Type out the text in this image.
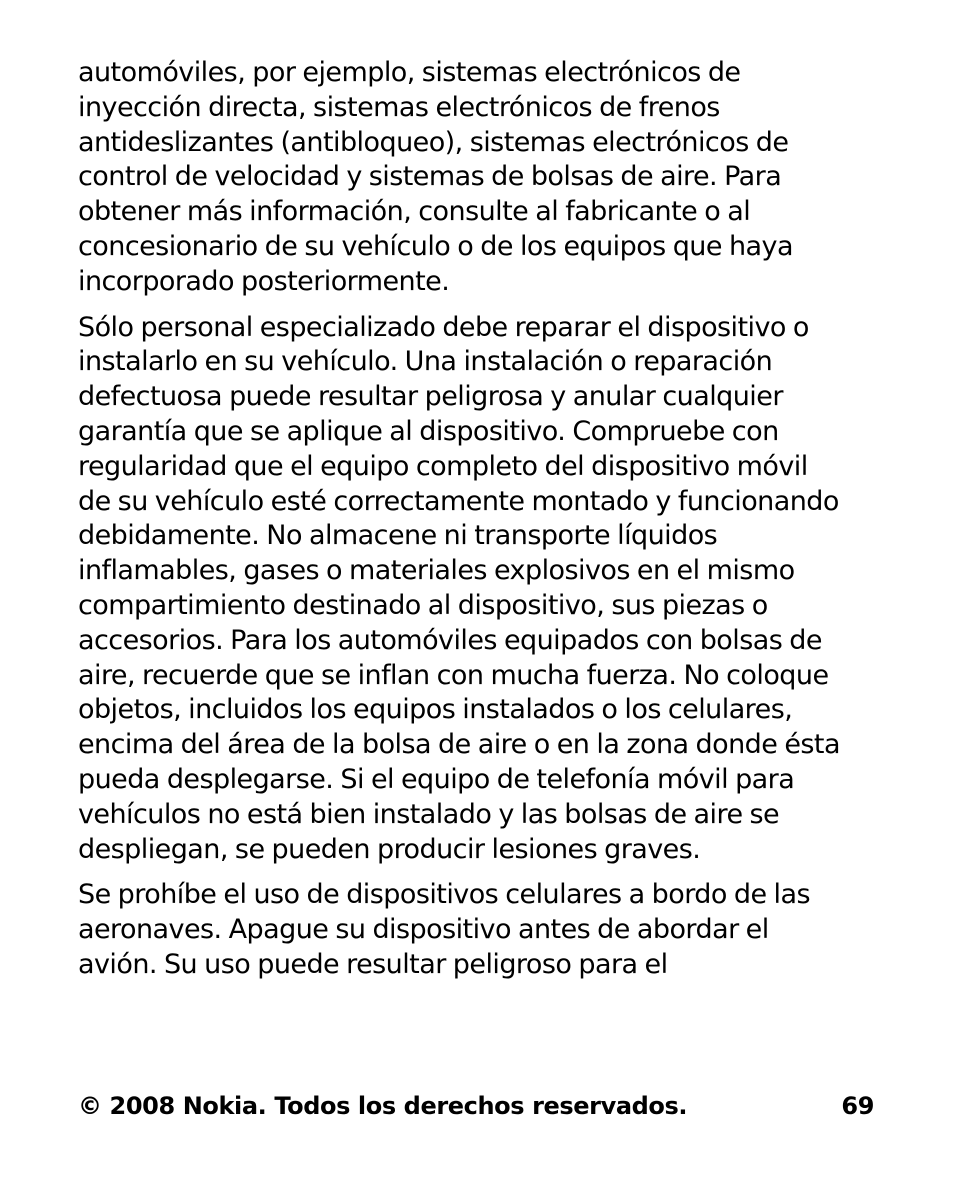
automóviles, por ejemplo, sistemas electrónicos de
inyección directa, sistemas electrónicos de frenos
antideslizantes (antibloqueo), sistemas electrónicos de
control de velocidad y sistemas de bolsas de aire. Para
obtener más información, consulte al fabricante o al
concesionario de su vehículo o de los equipos que haya
incorporado posteriormente.
Sólo personal especializado debe reparar el dispositivo o
instalarlo en su vehículo. Una instalación o reparación
defectuosa puede resultar peligrosa y anular cualquier
garantía que se aplique al dispositivo. Compruebe con
regularidad que el equipo completo del dispositivo móvil
de su vehículo esté correctamente montado y funcionando
debidamente. No almacene ni transporte líquidos
inflamables, gases o materiales explosivos en el mismo
compartimiento destinado al dispositivo, sus piezas o
accesorios. Para los automóviles equipados con bolsas de
aire, recuerde que se inflan con mucha fuerza. No coloque
objetos, incluidos los equipos instalados o los celulares,
encima del área de la bolsa de aire o en la zona donde ésta
pueda desplegarse. Si el equipo de telefonía móvil para
vehículos no está bien instalado y las bolsas de aire se
despliegan, se pueden producir lesiones graves.
Se prohíbe el uso de dispositivos celulares a bordo de las
aeronaves. Apague su dispositivo antes de abordar el
avión. Su uso puede resultar peligroso para el
© 2008 Nokia. Todos los derechos reservados.	69
